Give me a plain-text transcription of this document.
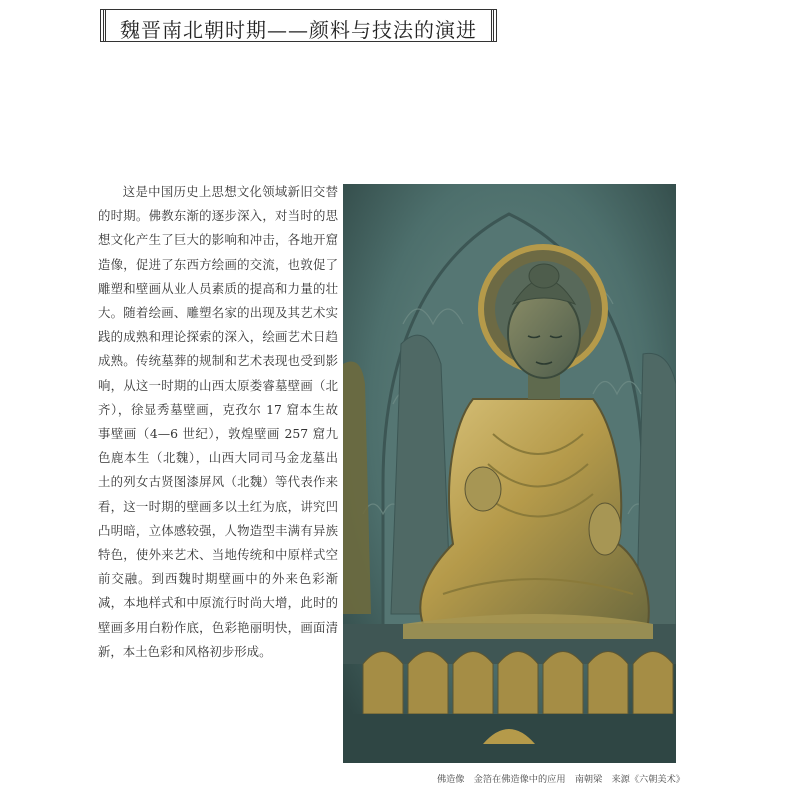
魏晋南北朝时期——颜料与技法的演进

这是中国历史上思想文化领域新旧交替的时期。佛教东渐的逐步深入，对当时的思想文化产生了巨大的影响和冲击，各地开窟造像，促进了东西方绘画的交流，也敦促了雕塑和壁画从业人员素质的提高和力量的壮大。随着绘画、雕塑名家的出现及其艺术实践的成熟和理论探索的深入，绘画艺术日趋成熟。传统墓葬的规制和艺术表现也受到影响，从这一时期的山西太原娄睿墓壁画（北齐），徐显秀墓壁画，克孜尔 17 窟本生故事壁画（4—6 世纪），敦煌壁画 257 窟九色鹿本生（北魏），山西大同司马金龙墓出土的列女古贤图漆屏风（北魏）等代表作来看，这一时期的壁画多以土红为底，讲究凹凸明暗，立体感较强，人物造型丰满有异族特色，使外来艺术、当地传统和中原样式空前交融。到西魏时期壁画中的外来色彩渐减，本地样式和中原流行时尚大增，此时的壁画多用白粉作底，色彩艳丽明快，画面清新，本土色彩和风格初步形成。

佛造像　金箔在佛造像中的应用　南朝梁　来源《六朝美术》
